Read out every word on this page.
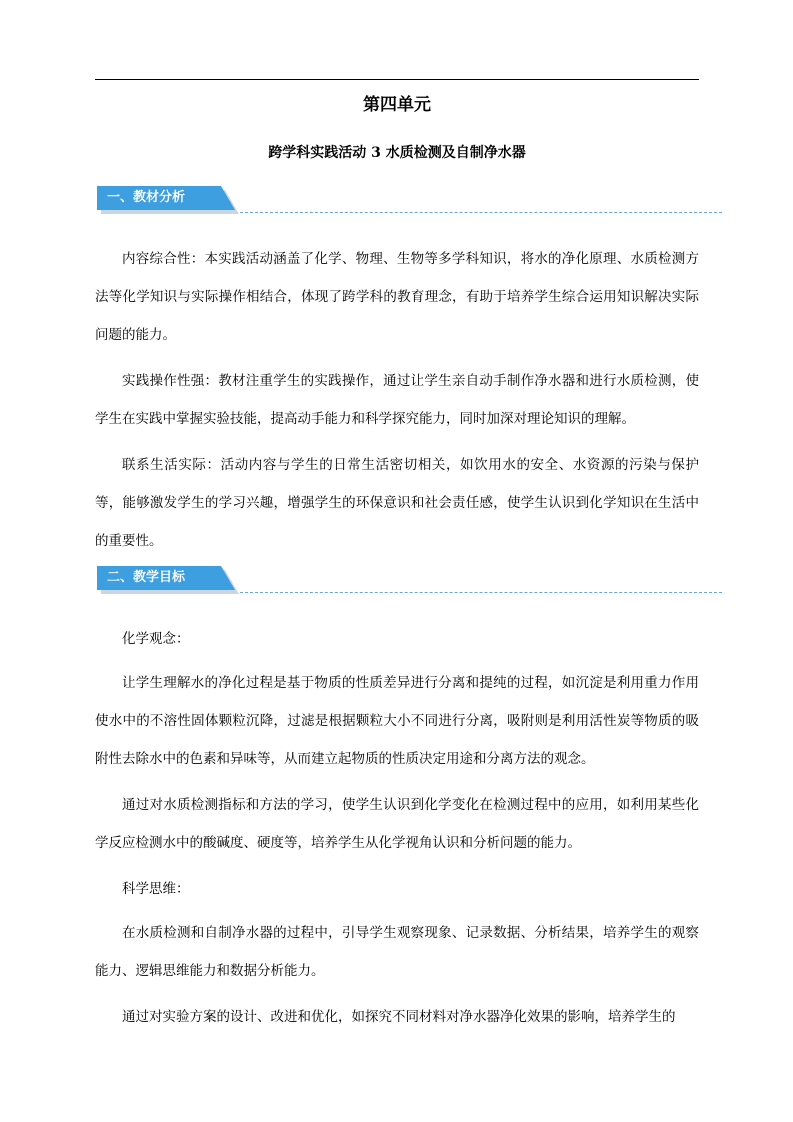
第四单元
跨学科实践活动 3 水质检测及自制净水器
一、教材分析

内容综合性：本实践活动涵盖了化学、物理、生物等多学科知识，将水的净化原理、水质检测方法等化学知识与实际操作相结合，体现了跨学科的教育理念，有助于培养学生综合运用知识解决实际问题的能力。

实践操作性强：教材注重学生的实践操作，通过让学生亲自动手制作净水器和进行水质检测，使学生在实践中掌握实验技能，提高动手能力和科学探究能力，同时加深对理论知识的理解。

联系生活实际：活动内容与学生的日常生活密切相关，如饮用水的安全、水资源的污染与保护等，能够激发学生的学习兴趣，增强学生的环保意识和社会责任感，使学生认识到化学知识在生活中的重要性。

二、教学目标

化学观念：

让学生理解水的净化过程是基于物质的性质差异进行分离和提纯的过程，如沉淀是利用重力作用使水中的不溶性固体颗粒沉降，过滤是根据颗粒大小不同进行分离，吸附则是利用活性炭等物质的吸附性去除水中的色素和异味等，从而建立起物质的性质决定用途和分离方法的观念。

通过对水质检测指标和方法的学习，使学生认识到化学变化在检测过程中的应用，如利用某些化学反应检测水中的酸碱度、硬度等，培养学生从化学视角认识和分析问题的能力。

科学思维：

在水质检测和自制净水器的过程中，引导学生观察现象、记录数据、分析结果，培养学生的观察能力、逻辑思维能力和数据分析能力。

通过对实验方案的设计、改进和优化，如探究不同材料对净水器净化效果的影响，培养学生的
